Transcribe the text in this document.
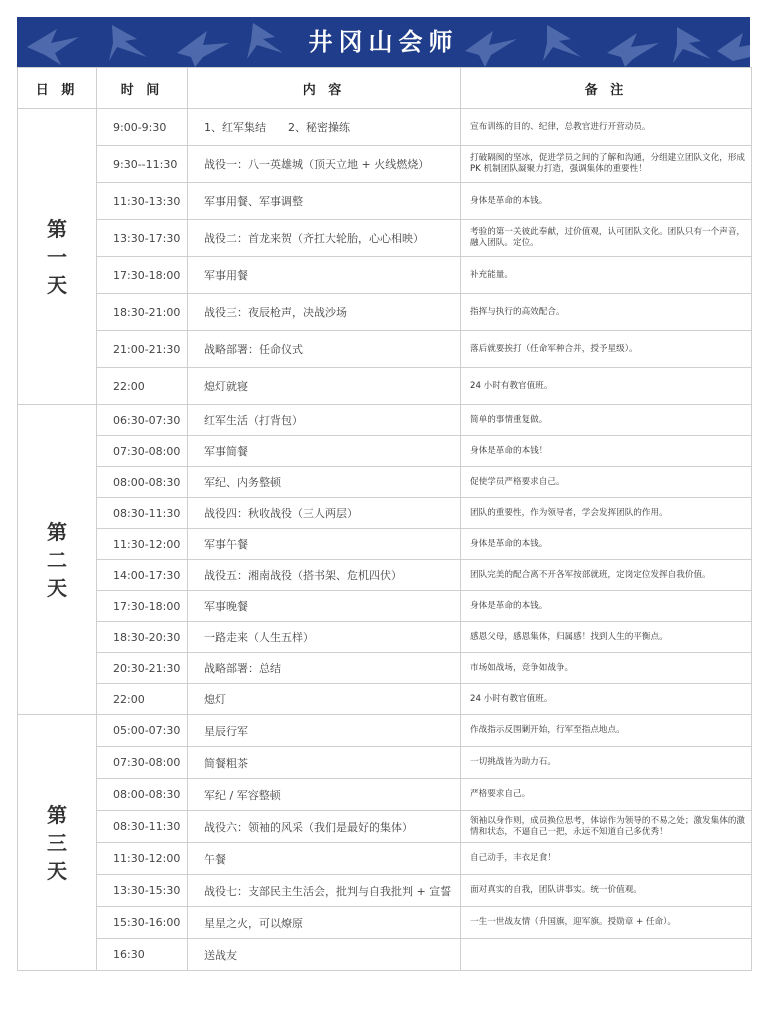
井冈山会师
日 期	时 间	内 容	备 注
第一天	9:00-9:30	1、红军集结　　2、秘密操练	宣布训练的目的、纪律，总教官进行开营动员。
	9:30--11:30	战役一：八一英雄城（顶天立地 + 火线燃烧）	打破隔阂的坚冰，促进学员之间的了解和沟通，分组建立团队文化，形成 PK 机制团队凝聚力打造，强调集体的重要性！
	11:30-13:30	军事用餐、军事调整	身体是革命的本钱。
	13:30-17:30	战役二：首龙来贺（齐扛大轮胎，心心相映）	考验的第一关彼此奉献，过价值观，认可团队文化。团队只有一个声音，融入团队。定位。
	17:30-18:00	军事用餐	补充能量。
	18:30-21:00	战役三：夜辰枪声，决战沙场	指挥与执行的高效配合。
	21:00-21:30	战略部署：任命仪式	落后就要挨打（任命军种合并，授予星级）。
	22:00	熄灯就寝	24 小时有教官值班。
第二天	06:30-07:30	红军生活（打背包）	简单的事情重复做。
	07:30-08:00	军事简餐	身体是革命的本钱！
	08:00-08:30	军纪、内务整顿	促使学员严格要求自己。
	08:30-11:30	战役四：秋收战役（三人两层）	团队的重要性，作为领导者，学会发挥团队的作用。
	11:30-12:00	军事午餐	身体是革命的本钱。
	14:00-17:30	战役五：湘南战役（搭书架、危机四伏）	团队完美的配合离不开各军按部就班，定岗定位发挥自我价值。
	17:30-18:00	军事晚餐	身体是革命的本钱。
	18:30-20:30	一路走来（人生五样）	感恩父母，感恩集体，归属感！找到人生的平衡点。
	20:30-21:30	战略部署：总结	市场如战场，竞争如战争。
	22:00	熄灯	24 小时有教官值班。
第三天	05:00-07:30	星辰行军	作战指示反围剿开始，行军至指点地点。
	07:30-08:00	简餐粗茶	一切挑战皆为助力石。
	08:00-08:30	军纪 / 军容整顿	严格要求自己。
	08:30-11:30	战役六：领袖的风采（我们是最好的集体）	领袖以身作则，成员换位思考，体谅作为领导的不易之处；激发集体的激情和状态，不逼自己一把，永远不知道自己多优秀！
	11:30-12:00	午餐	自己动手，丰衣足食！
	13:30-15:30	战役七：支部民主生活会，批判与自我批判 + 宣誓	面对真实的自我，团队讲事实。统一价值观。
	15:30-16:00	星星之火，可以燎原	一生一世战友情（升国旗，迎军旗。授勋章 + 任命）。
	16:30	送战友	
